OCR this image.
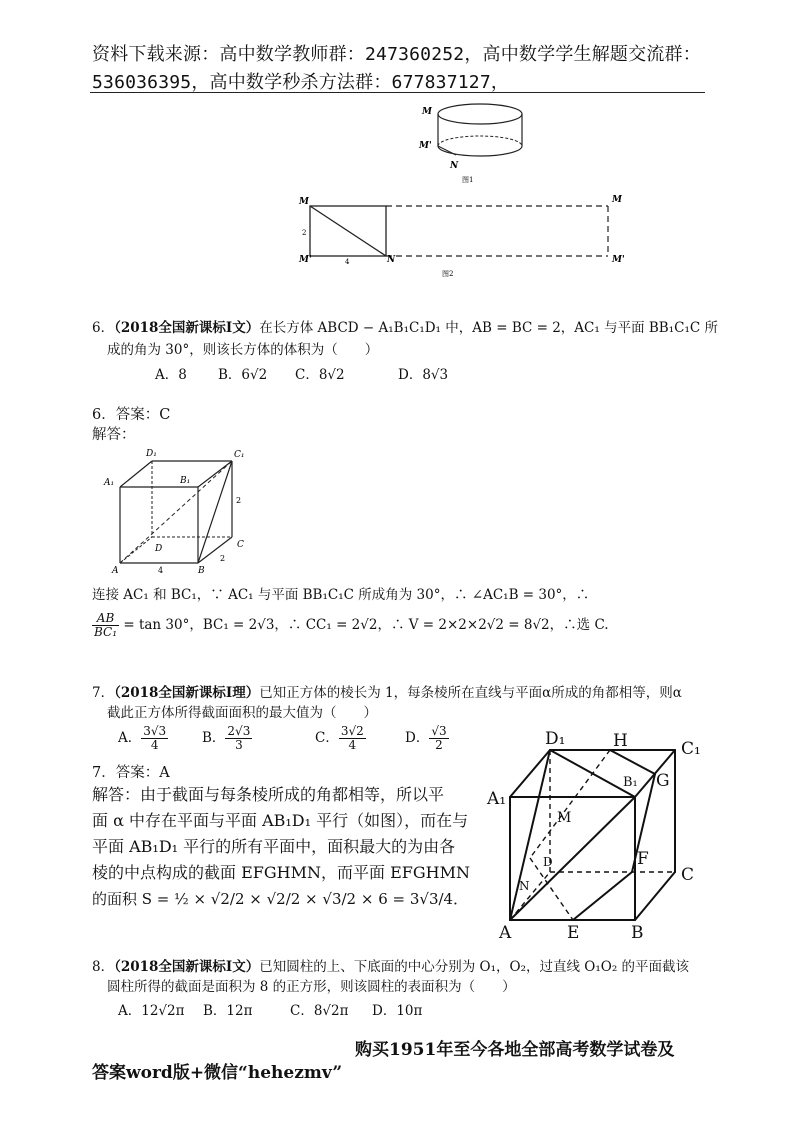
资料下载来源：高中数学教师群：247360252，高中数学学生解题交流群：
536036395，高中数学秒杀方法群：677837127，
M
M'
N
图1
M
M'	N
M
M'
2
4
图2
6．（2018全国新课标Ⅰ文）在长方体 ABCD − A₁B₁C₁D₁ 中，AB = BC = 2，AC₁ 与平面 BB₁C₁C 所
成的角为 30°，则该长方体的体积为（　　）
A．8 B．6√2 C．8√2	D．8√3
6．答案：C
解答：
D₁	C₁
A₁	B₁
D	C
A	B
2
2
4
连接 AC₁ 和 BC₁，∵ AC₁ 与平面 BB₁C₁C 所成角为 30°，∴ ∠AC₁B = 30°，∴
$\frac{AB}{\text{BC₁}} = \tan 30^\circ$，BC₁ = 2√3，∴ CC₁ = 2√2，∴ V = 2×2×2√2 = 8√2，∴选 C.
7．（2018全国新课标Ⅰ理）已知正方体的棱长为 1，每条棱所在直线与平面α所成的角都相等，则α
截此正方体所得截面面积的最大值为（　　）
A． $\frac{3√3}{4}$	B． $\frac{2√3}{3}$	C． $\frac{3√2}{4}$	D． $\frac{√3}{2}$
7．答案：A
解答：由于截面与每条棱所成的角都相等，所以平
面 α 中存在平面与平面 AB₁D₁ 平行（如图），而在与
平面 AB₁D₁ 平行的所有平面中，面积最大的为由各
棱的中点构成的截面 EFGHMN，而平面 EFGHMN
的面积 S = ½ × √2/2 × √2/2 × √3/2 × 6 = 3√3/4．
D₁	H	C₁
A₁
B₁ G
M
F
D
N
C
A	E	B
8．（2018全国新课标Ⅰ文）已知圆柱的上、下底面的中心分别为 O₁，O₂，过直线 O₁O₂ 的平面截该
圆柱所得的截面是面积为 8 的正方形，则该圆柱的表面积为（　　）
A．12√2π B．12π	C．8√2π D．10π
购买1951年至今各地全部高考数学试卷及
答案word版+微信“hehezmv”
